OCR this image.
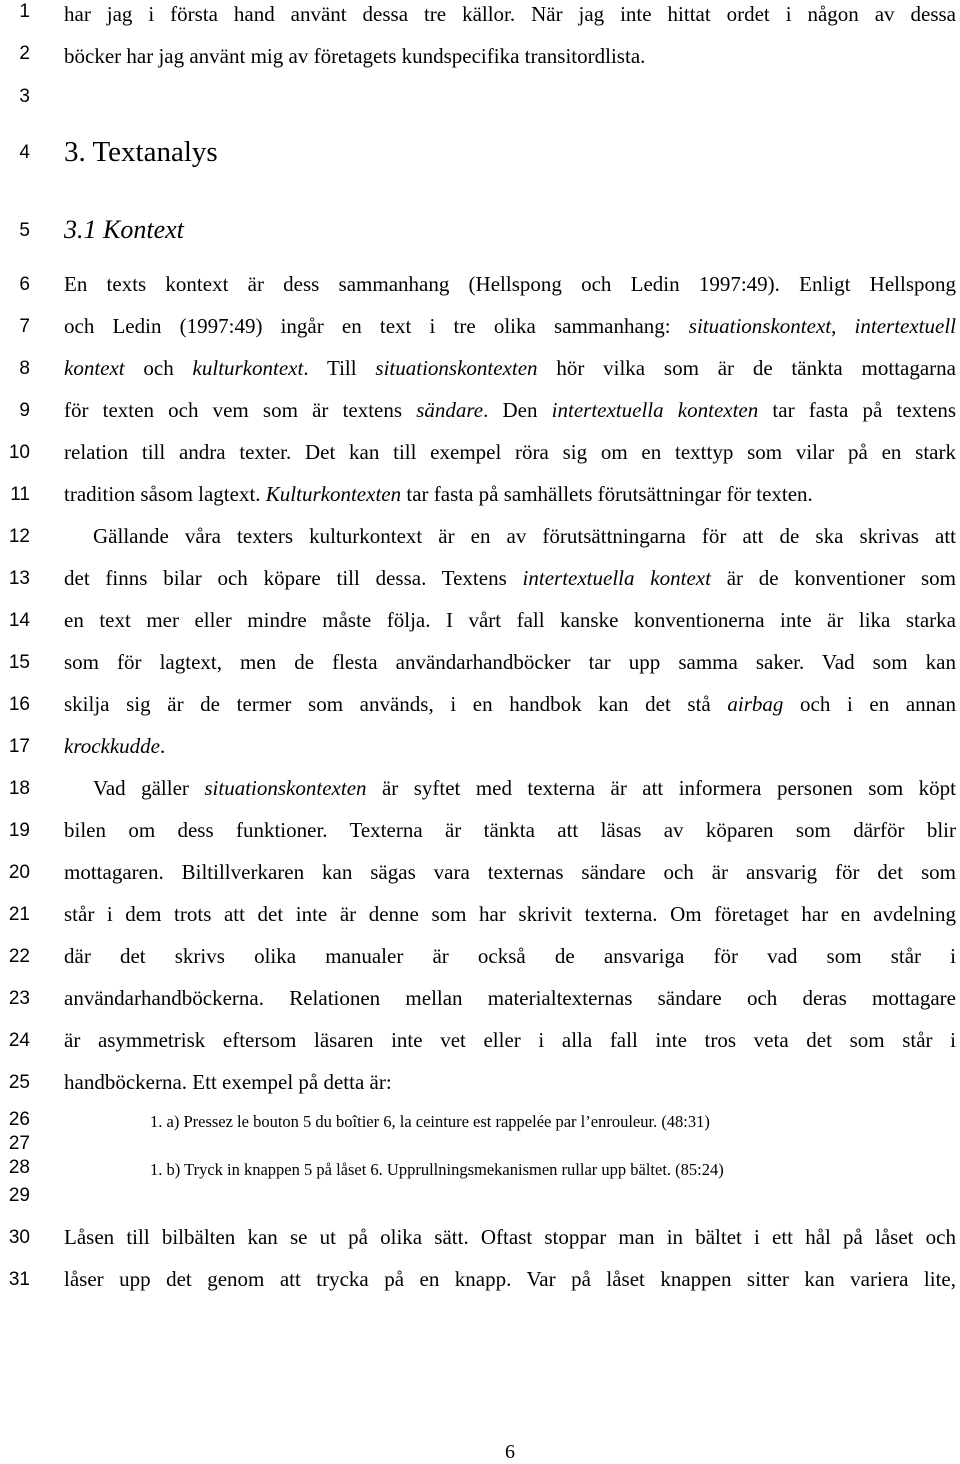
1
2
3
4
5
6
7
8
9
10
11
12
13
14
15
16
17
18
19
20
21
22
23
24
25
26
27
28
29
30
31
har jag i första hand använt dessa tre källor. När jag inte hittat ordet i någon av dessa
böcker har jag använt mig av företagets kundspecifika transitordlista.
3. Textanalys
3.1 Kontext
En texts kontext är dess sammanhang (Hellspong och Ledin 1997:49). Enligt Hellspong
och Ledin (1997:49) ingår en text i tre olika sammanhang: situationskontext, intertextuell
kontext och kulturkontext. Till situationskontexten hör vilka som är de tänkta mottagarna
för texten och vem som är textens sändare. Den intertextuella kontexten tar fasta på textens
relation till andra texter. Det kan till exempel röra sig om en texttyp som vilar på en stark
tradition såsom lagtext. Kulturkontexten tar fasta på samhällets förutsättningar för texten.
Gällande våra texters kulturkontext är en av förutsättningarna för att de ska skrivas att
det finns bilar och köpare till dessa. Textens intertextuella kontext är de konventioner som
en text mer eller mindre måste följa. I vårt fall kanske konventionerna inte är lika starka
som för lagtext, men de flesta användarhandböcker tar upp samma saker. Vad som kan
skilja sig är de termer som används, i en handbok kan det stå airbag och i en annan
krockkudde.
Vad gäller situationskontexten är syftet med texterna är att informera personen som köpt
bilen om dess funktioner. Texterna är tänkta att läsas av köparen som därför blir
mottagaren. Biltillverkaren kan sägas vara texternas sändare och är ansvarig för det som
står i dem trots att det inte är denne som har skrivit texterna. Om företaget har en avdelning
där det skrivs olika manualer är också de ansvariga för vad som står i
användarhandböckerna. Relationen mellan materialtexternas sändare och deras mottagare
är asymmetrisk eftersom läsaren inte vet eller i alla fall inte tros veta det som står i
handböckerna. Ett exempel på detta är:
1. a) Pressez le bouton 5 du boîtier 6, la ceinture est rappelée par l’enrouleur. (48:31)
1. b) Tryck in knappen 5 på låset 6. Upprullningsmekanismen rullar upp bältet. (85:24)
Låsen till bilbälten kan se ut på olika sätt. Oftast stoppar man in bältet i ett hål på låset och
låser upp det genom att trycka på en knapp. Var på låset knappen sitter kan variera lite,
6
